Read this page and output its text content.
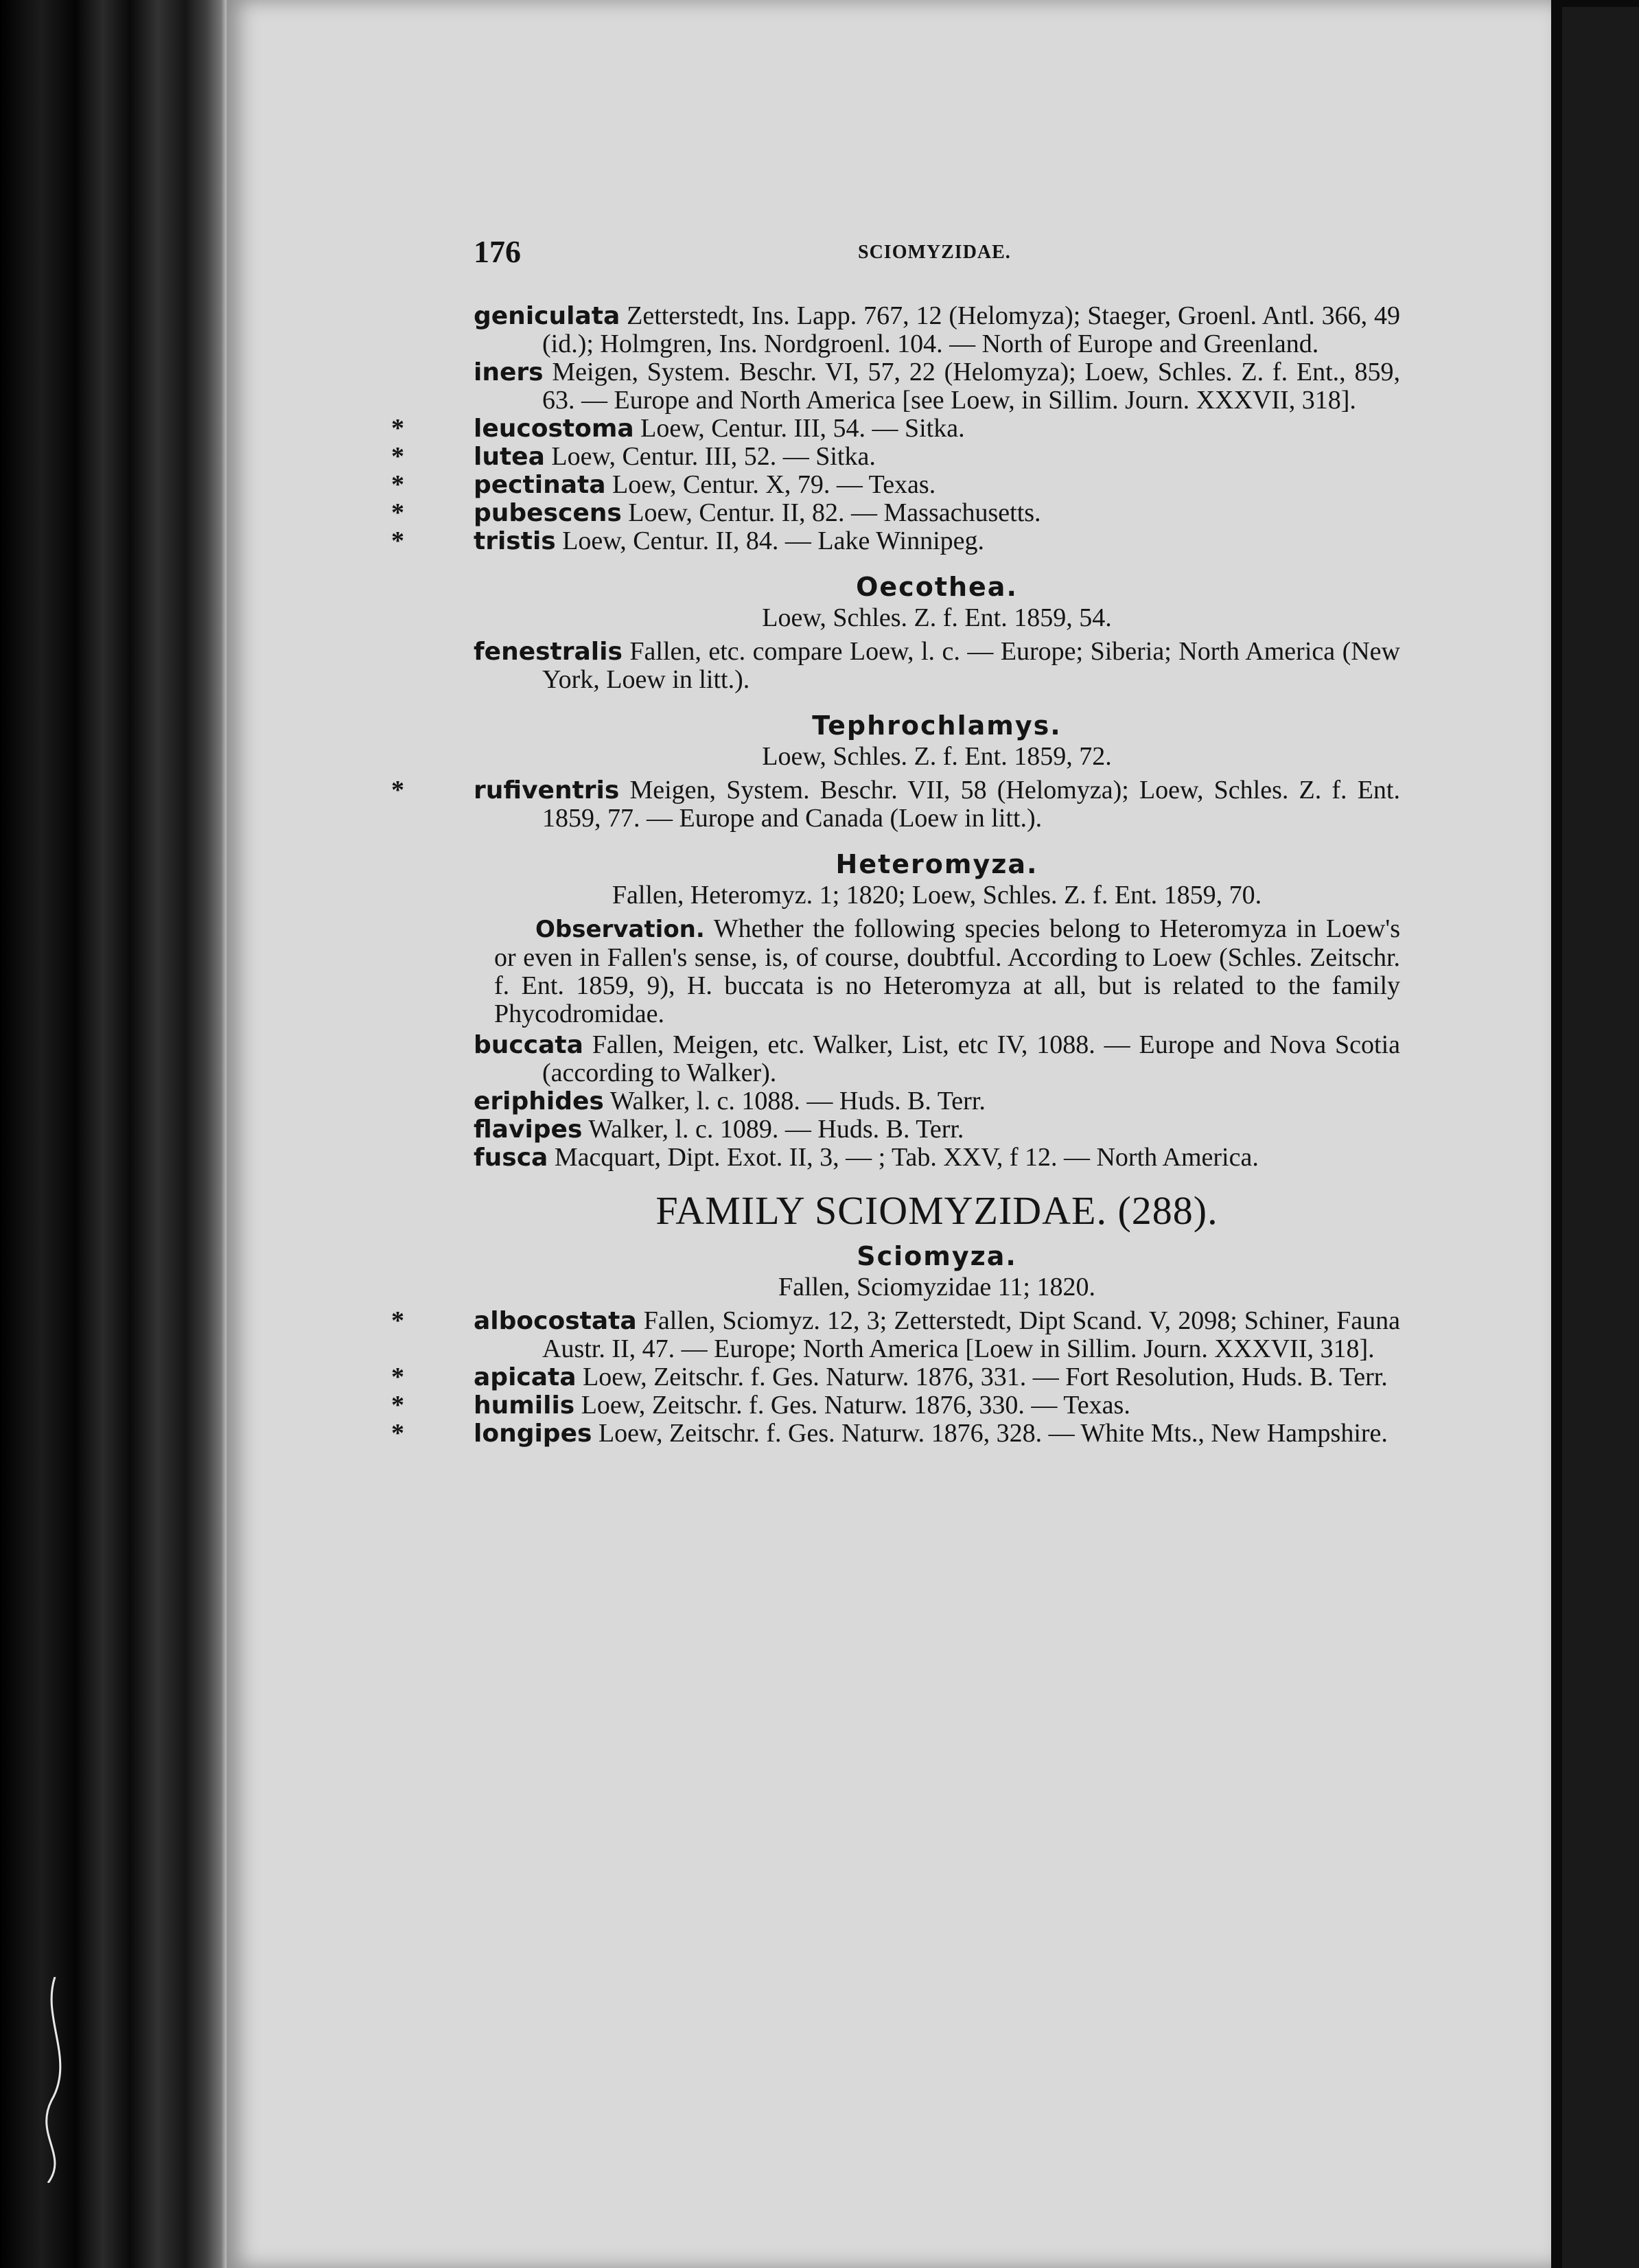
176	SCIOMYZIDAE.

geniculata Zetterstedt, Ins. Lapp. 767, 12 (Helomyza); Staeger, Groenl. Antl. 366, 49 (id.); Holmgren, Ins. Nordgroenl. 104. — North of Europe and Greenland.

iners Meigen, System. Beschr. VI, 57, 22 (Helomyza); Loew, Schles. Z. f. Ent., 859, 63. — Europe and North America [see Loew, in Sillim. Journ. XXXVII, 318].

*	leucostoma Loew, Centur. III, 54. — Sitka.

*	lutea Loew, Centur. III, 52. — Sitka.

*	pectinata Loew, Centur. X, 79. — Texas.

*	pubescens Loew, Centur. II, 82. — Massachusetts.

*	tristis Loew, Centur. II, 84. — Lake Winnipeg.

Oecothea.
Loew, Schles. Z. f. Ent. 1859, 54.

fenestralis Fallen, etc. compare Loew, l. c. — Europe; Siberia; North America (New York, Loew in litt.).

Tephrochlamys.
Loew, Schles. Z. f. Ent. 1859, 72.

*	rufiventris Meigen, System. Beschr. VII, 58 (Helomyza); Loew, Schles. Z. f. Ent. 1859, 77. — Europe and Canada (Loew in litt.).

Heteromyza.
Fallen, Heteromyz. 1; 1820; Loew, Schles. Z. f. Ent. 1859, 70.

Observation. Whether the following species belong to Heteromyza in Loew's or even in Fallen's sense, is, of course, doubtful. According to Loew (Schles. Zeitschr. f. Ent. 1859, 9), H. buccata is no Heteromyza at all, but is related to the family Phycodromidae.

buccata Fallen, Meigen, etc. Walker, List, etc IV, 1088. — Europe and Nova Scotia (according to Walker).

eriphides Walker, l. c. 1088. — Huds. B. Terr.

flavipes Walker, l. c. 1089. — Huds. B. Terr.

fusca Macquart, Dipt. Exot. II, 3, — ; Tab. XXV, f 12. — North America.

FAMILY SCIOMYZIDAE. (288).
Sciomyza.
Fallen, Sciomyzidae 11; 1820.

*	albocostata Fallen, Sciomyz. 12, 3; Zetterstedt, Dipt Scand. V, 2098; Schiner, Fauna Austr. II, 47. — Europe; North America [Loew in Sillim. Journ. XXXVII, 318].

*	apicata Loew, Zeitschr. f. Ges. Naturw. 1876, 331. — Fort Resolution, Huds. B. Terr.

*	humilis Loew, Zeitschr. f. Ges. Naturw. 1876, 330. — Texas.

*	longipes Loew, Zeitschr. f. Ges. Naturw. 1876, 328. — White Mts., New Hampshire.
